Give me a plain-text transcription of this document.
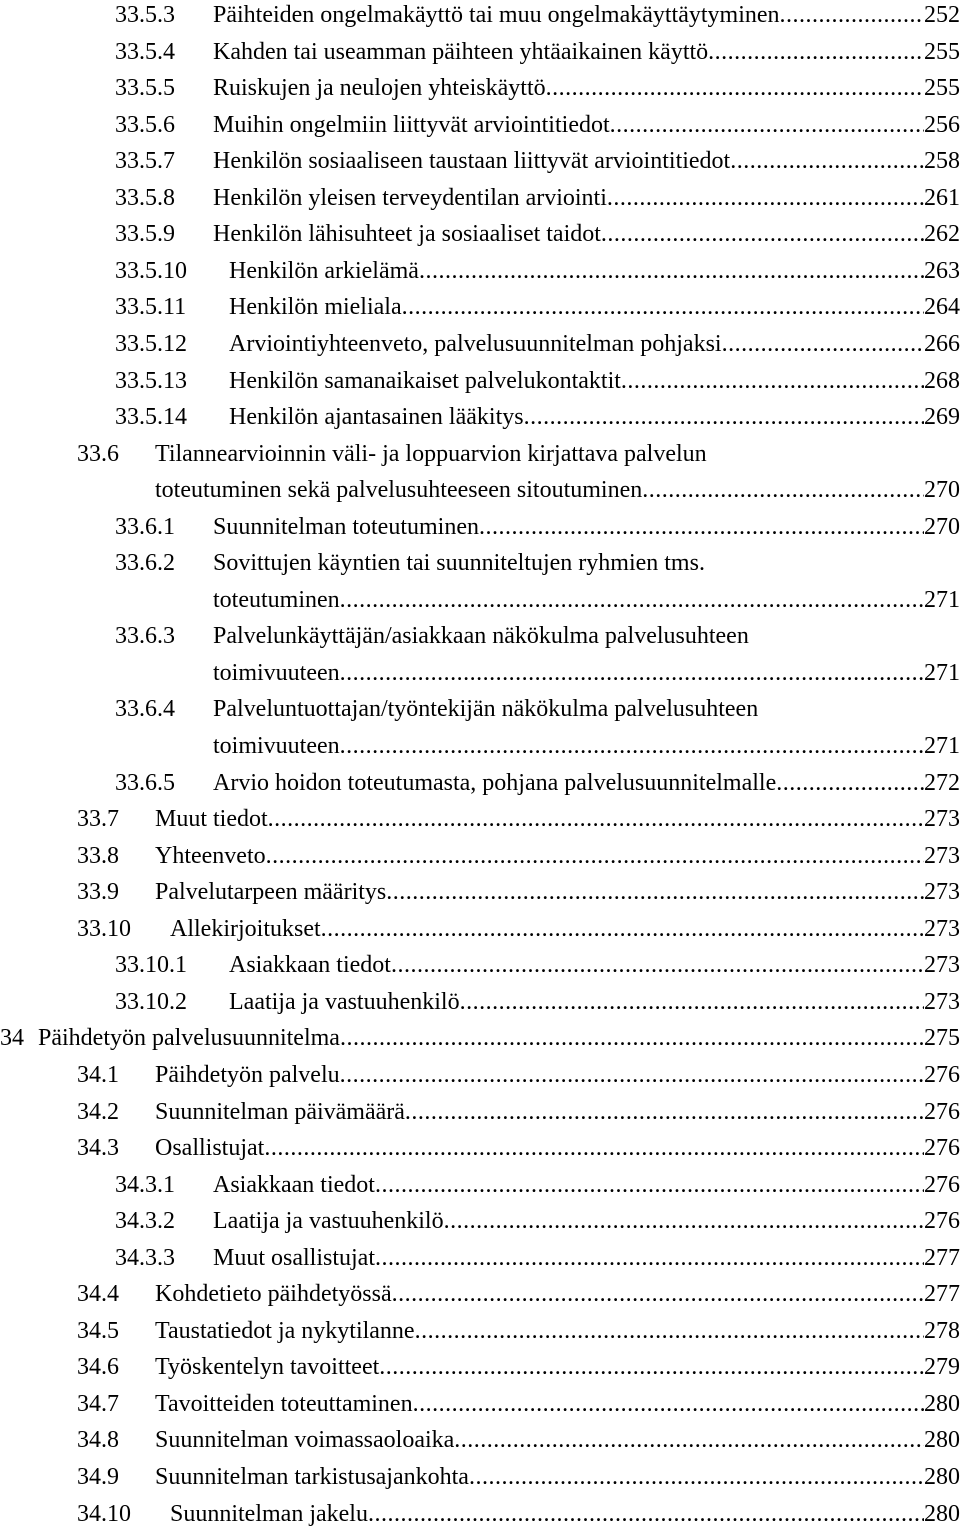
33.5.3 Päihteiden ongelmakäyttö tai muu ongelmakäyttäytyminen .....	252
33.5.4 Kahden tai useamman päihteen yhtäaikainen käyttö .....	255
33.5.5 Ruiskujen ja neulojen yhteiskäyttö .....	255
33.5.6 Muihin ongelmiin liittyvät arviointitiedot .....	256
33.5.7 Henkilön sosiaaliseen taustaan liittyvät arviointitiedot .....	258
33.5.8 Henkilön yleisen terveydentilan arviointi .....	261
33.5.9 Henkilön lähisuhteet ja sosiaaliset taidot .....	262
33.5.10 Henkilön arkielämä .....	263
33.5.11 Henkilön mieliala .....	264
33.5.12 Arviointiyhteenveto, palvelusuunnitelman pohjaksi .....	266
33.5.13 Henkilön samanaikaiset palvelukontaktit .....	268
33.5.14 Henkilön ajantasainen lääkitys .....	269
33.6 Tilannearvioinnin väli- ja loppuarvion kirjattava palvelun
toteutuminen sekä palvelusuhteeseen sitoutuminen .....	270
33.6.1 Suunnitelman toteutuminen .....	270
33.6.2 Sovittujen käyntien tai suunniteltujen ryhmien tms.
toteutuminen .....	271
33.6.3 Palvelunkäyttäjän/asiakkaan näkökulma palvelusuhteen
toimivuuteen .....	271
33.6.4 Palveluntuottajan/työntekijän näkökulma palvelusuhteen
toimivuuteen .....	271
33.6.5 Arvio hoidon toteutumasta, pohjana palvelusuunnitelmalle .....	272
33.7 Muut tiedot .....	273
33.8 Yhteenveto .....	273
33.9 Palvelutarpeen määritys .....	273
33.10 Allekirjoitukset .....	273
33.10.1 Asiakkaan tiedot .....	273
33.10.2 Laatija ja vastuuhenkilö .....	273
34 Päihdetyön palvelusuunnitelma .....	275
34.1 Päihdetyön palvelu .....	276
34.2 Suunnitelman päivämäärä .....	276
34.3 Osallistujat .....	276
34.3.1 Asiakkaan tiedot .....	276
34.3.2 Laatija ja vastuuhenkilö .....	276
34.3.3 Muut osallistujat .....	277
34.4 Kohdetieto päihdetyössä .....	277
34.5 Taustatiedot ja nykytilanne .....	278
34.6 Työskentelyn tavoitteet .....	279
34.7 Tavoitteiden toteuttaminen .....	280
34.8 Suunnitelman voimassaoloaika .....	280
34.9 Suunnitelman tarkistusajankohta .....	280
34.10 Suunnitelman jakelu .....	280
